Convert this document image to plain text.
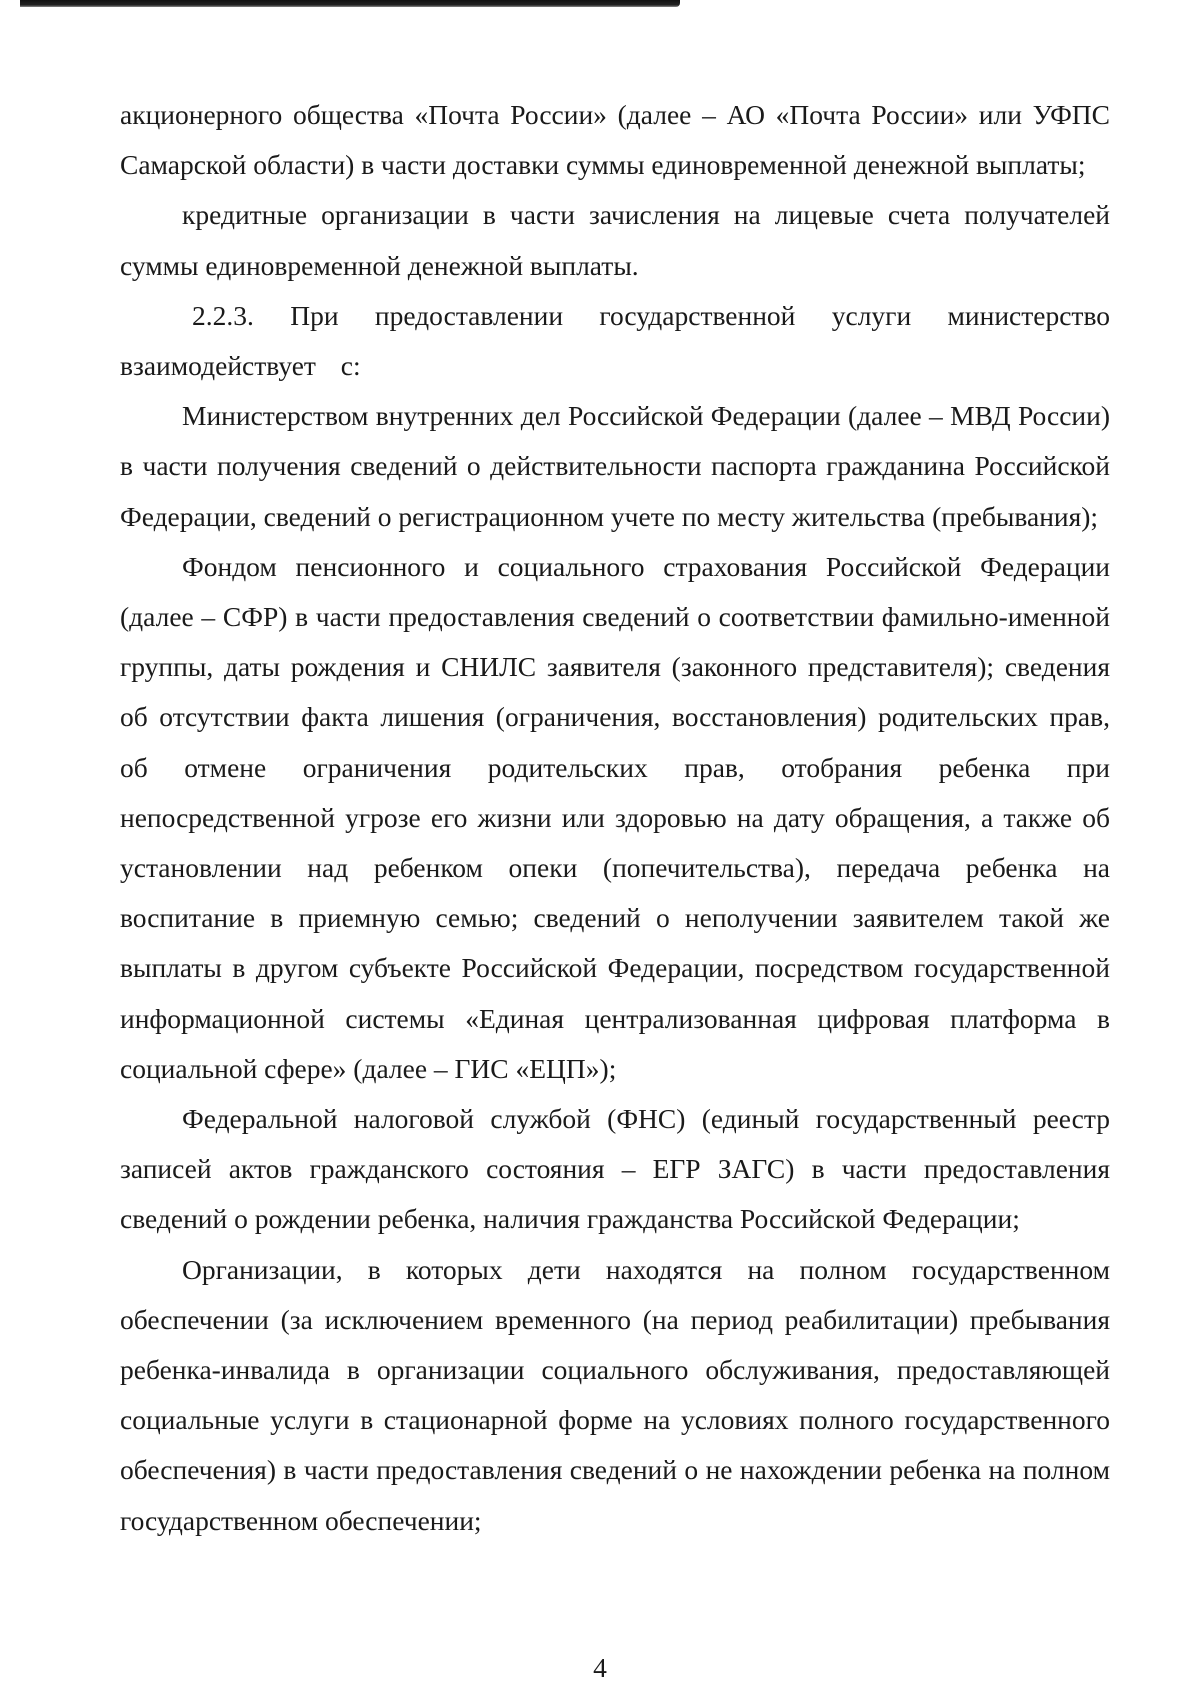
акционерного общества «Почта России» (далее – АО «Почта России» или УФПС Самарской области) в части доставки суммы единовременной денежной выплаты;

кредитные организации в части зачисления на лицевые счета получателей суммы единовременной денежной выплаты.

2.2.3. При предоставлении государственной услуги министерство взаимодействует с:

Министерством внутренних дел Российской Федерации (далее – МВД России) в части получения сведений о действительности паспорта гражданина Российской Федерации, сведений о регистрационном учете по месту жительства (пребывания);

Фондом пенсионного и социального страхования Российской Федерации (далее – СФР) в части предоставления сведений о соответствии фамильно-именной группы, даты рождения и СНИЛС заявителя (законного представителя); сведения об отсутствии факта лишения (ограничения, восстановления) родительских прав, об отмене ограничения родительских прав, отобрания ребенка при непосредственной угрозе его жизни или здоровью на дату обращения, а также об установлении над ребенком опеки (попечительства), передача ребенка на воспитание в приемную семью; сведений о неполучении заявителем такой же выплаты в другом субъекте Российской Федерации, посредством государственной информационной системы «Единая централизованная цифровая платформа в социальной сфере» (далее – ГИС «ЕЦП»);

Федеральной налоговой службой (ФНС) (единый государственный реестр записей актов гражданского состояния – ЕГР ЗАГС) в части предоставления сведений о рождении ребенка, наличия гражданства Российской Федерации;

Организации, в которых дети находятся на полном государственном обеспечении (за исключением временного (на период реабилитации) пребывания ребенка-инвалида в организации социального обслуживания, предоставляющей социальные услуги в стационарной форме на условиях полного государственного обеспечения) в части предоставления сведений о не нахождении ребенка на полном государственном обеспечении;

4
